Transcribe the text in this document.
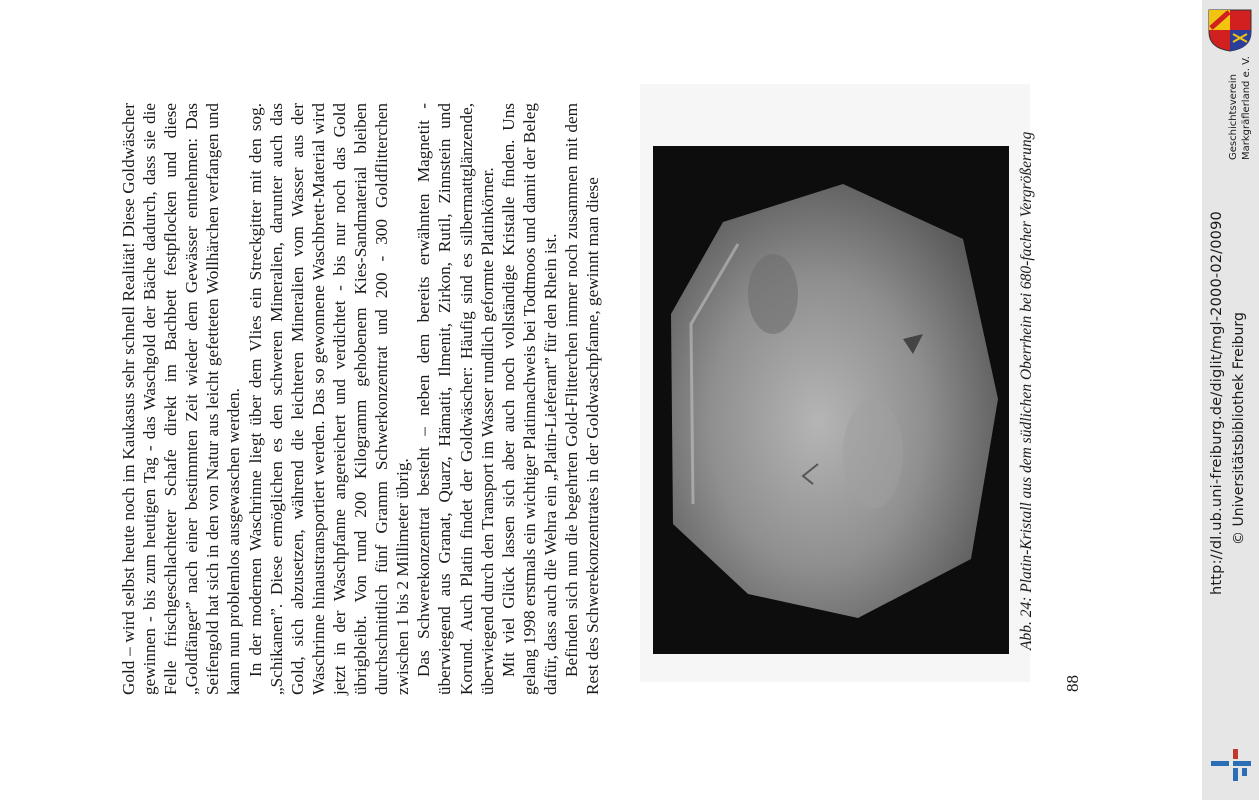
Gold – wird selbst heute noch im Kaukasus sehr schnell Realität! Diese Goldwäscher gewinnen - bis zum heutigen Tag - das Waschgold der Bäche dadurch, dass sie die Felle frischgeschlachteter Schafe direkt im Bachbett festpflocken und diese „Goldfänger” nach einer bestimmten Zeit wieder dem Gewässer entnehmen: Das Seifengold hat sich in den von Natur aus leicht gefetteten Wollhärchen verfangen und kann nun problemlos ausgewaschen werden. In der modernen Waschrinne liegt über dem Vlies ein Streckgitter mit den sog. „Schikanen”. Diese ermöglichen es den schweren Mineralien, darunter auch das Gold, sich abzusetzen, während die leichteren Mineralien vom Wasser aus der Waschrinne hinaustransportiert werden. Das so gewonnene Waschbrett-Material wird jetzt in der Waschpfanne angereichert und verdichtet - bis nur noch das Gold übrigbleibt. Von rund 200 Kilogramm gehobenem Kies-Sandmaterial bleiben durchschnittlich fünf Gramm Schwerkonzentrat und 200 - 300 Goldflitterchen zwischen 1 bis 2 Millimeter übrig. Das Schwerekonzentrat besteht – neben dem bereits erwähnten Magnetit - überwiegend aus Granat, Quarz, Hämatit, Ilmenit, Zirkon, Rutil, Zinnstein und Korund. Auch Platin findet der Goldwäscher: Häufig sind es silbermattglänzende, überwiegend durch den Transport im Wasser rundlich geformte Platinkörner. Mit viel Glück lassen sich aber auch noch vollständige Kristalle finden. Uns gelang 1998 erstmals ein wichtiger Platinnachweis bei Todtmoos und damit der Beleg dafür, dass auch die Wehra ein „Platin-Lieferant” für den Rhein ist. Befinden sich nun die begehrten Gold-Flitterchen immer noch zusammen mit dem Rest des Schwerekonzentrates in der Goldwaschpfanne, gewinnt man diese	Abb. 24: Platin-Kristall aus dem südlichen Oberrhein bei 680-facher Vergrößerung
88
http://dl.ub.uni-freiburg.de/diglit/mgl-2000-02/0090 © Universitätsbibliothek Freiburg
Geschichtsverein Markgräflerland e. V.
